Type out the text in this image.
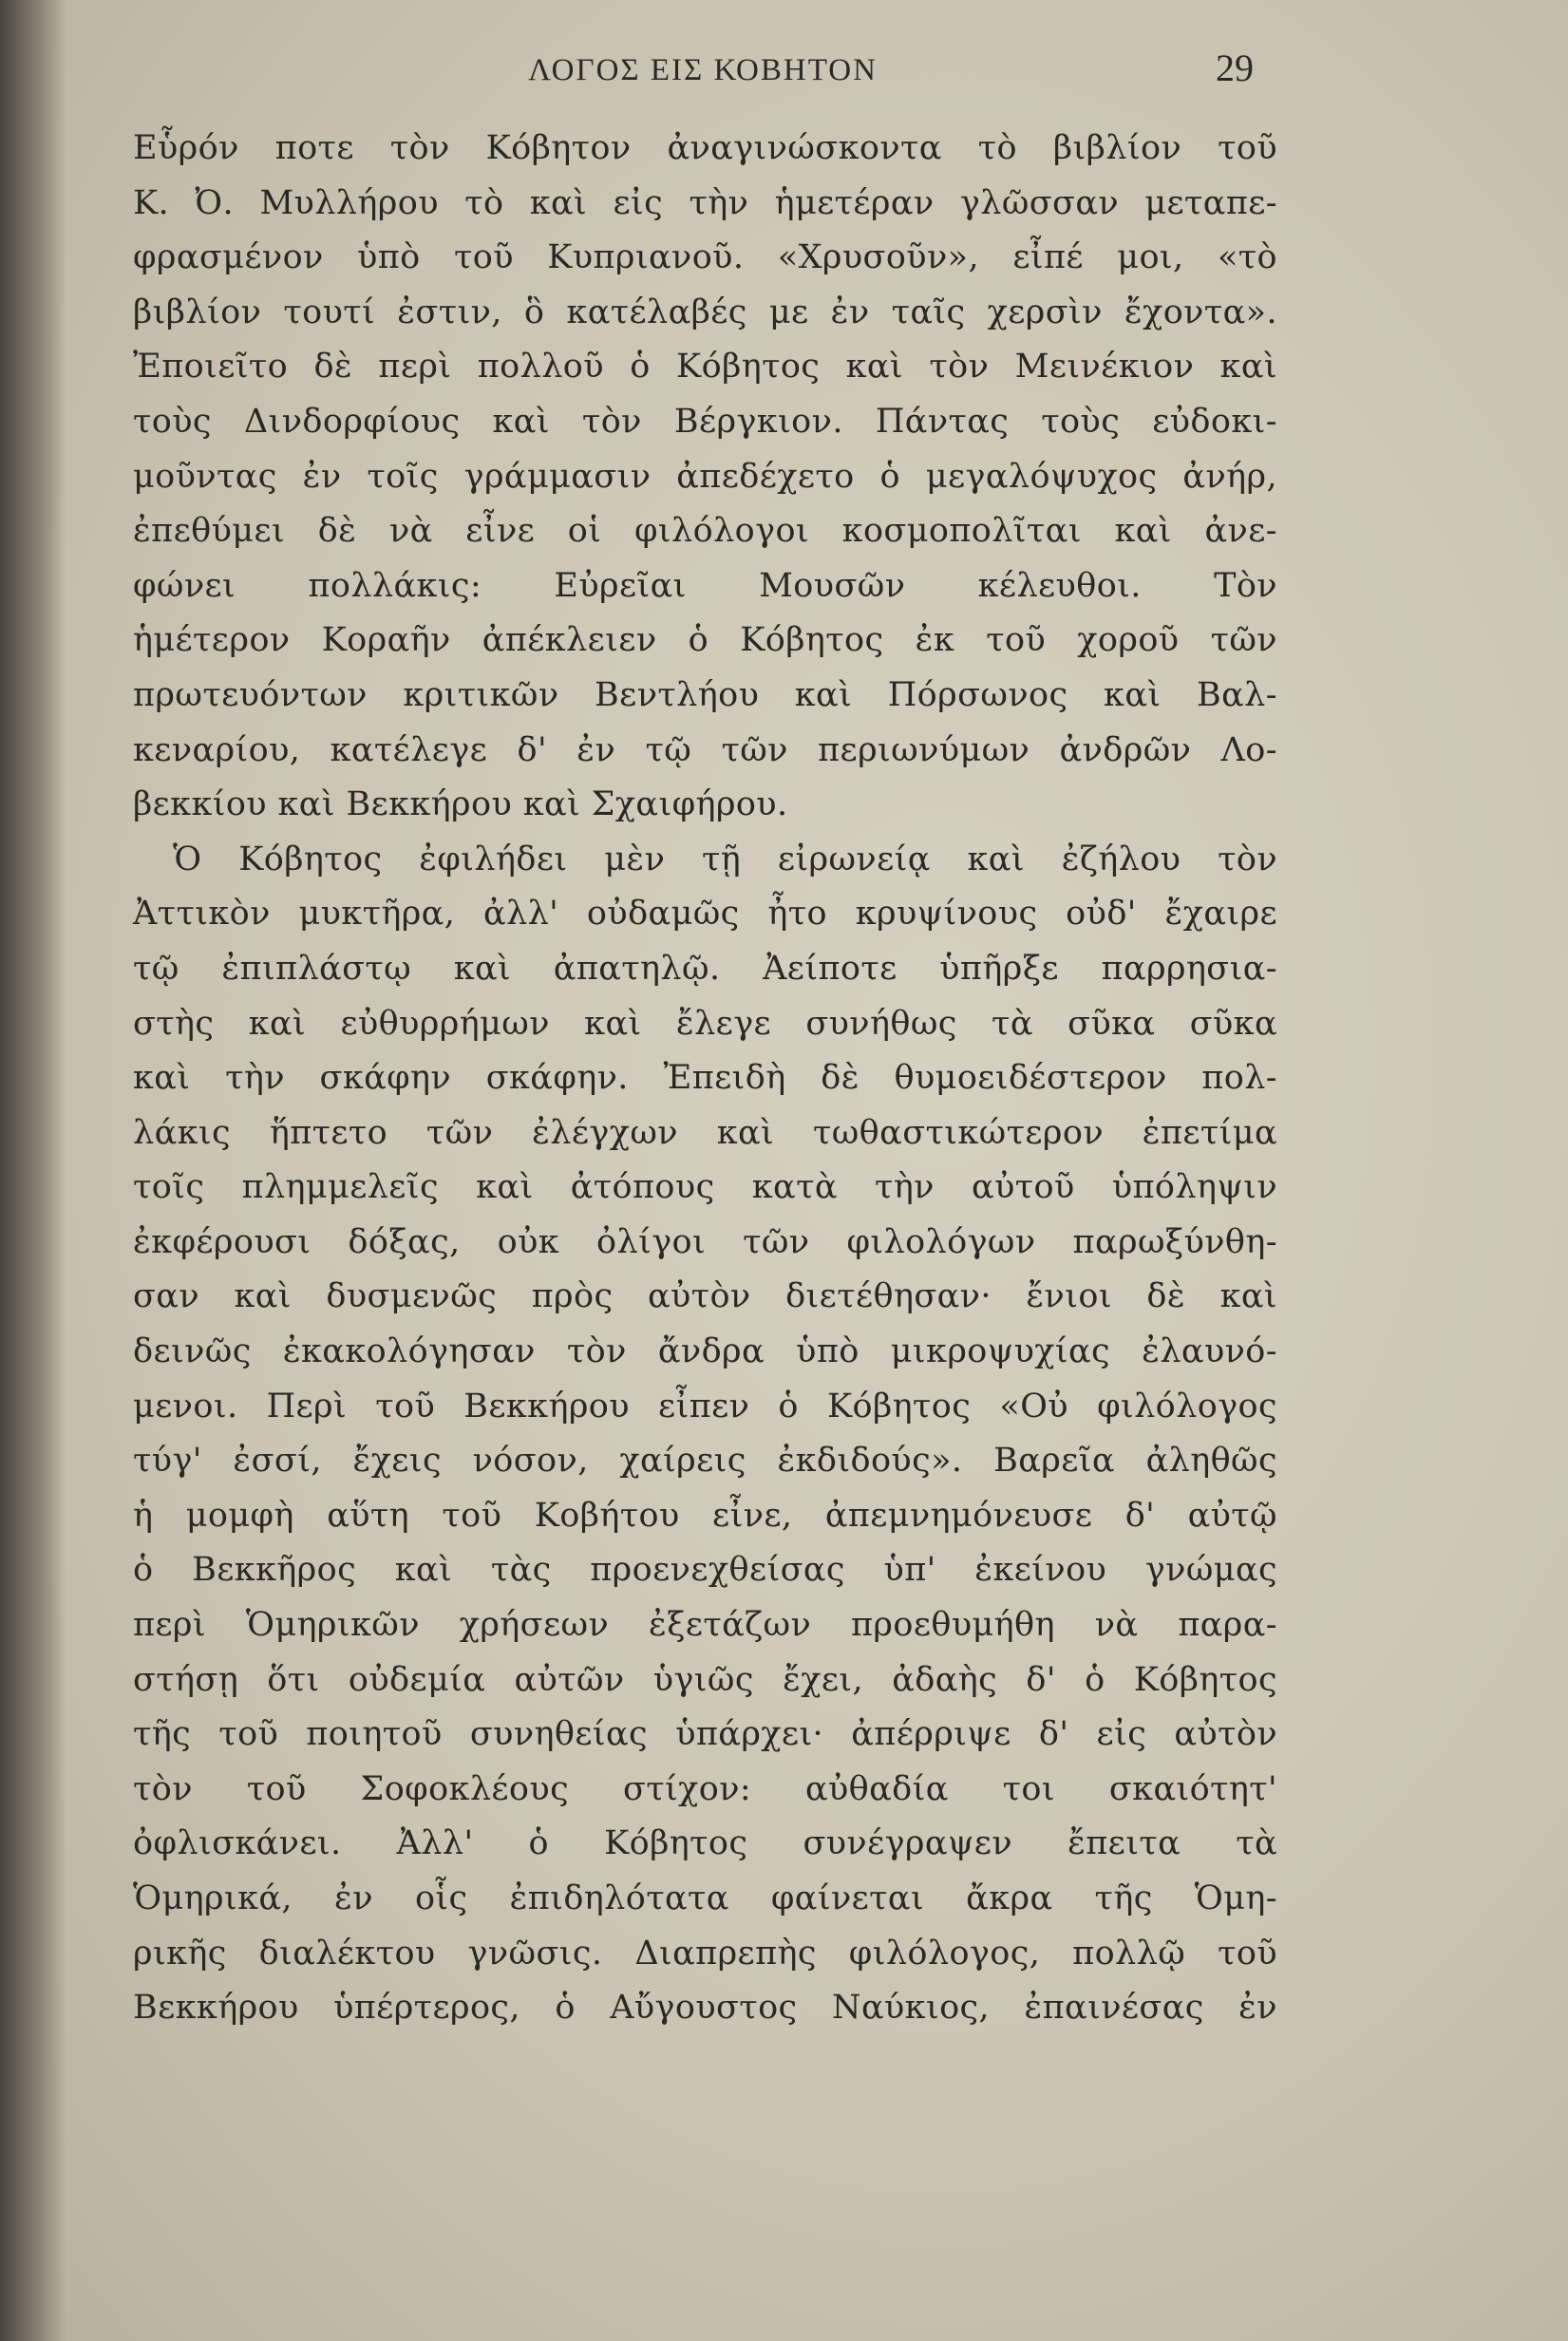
ΛΟΓΟΣ ΕΙΣ ΚΟΒΗΤΟΝ	29
Εὗρόν ποτε τὸν Κόβητον ἀναγινώσκοντα τὸ βιβλίον τοῦ
Κ. Ὀ. Μυλλήρου τὸ καὶ εἰς τὴν ἡμετέραν γλῶσσαν μεταπε-
φρασμένον ὑπὸ τοῦ Κυπριανοῦ. «Χρυσοῦν», εἶπέ μοι, «τὸ
βιβλίον τουτί ἐστιν, ὃ κατέλαβές με ἐν ταῖς χερσὶν ἔχοντα».
Ἐποιεῖτο δὲ περὶ πολλοῦ ὁ Κόβητος καὶ τὸν Μεινέκιον καὶ
τοὺς Δινδορφίους καὶ τὸν Βέργκιον. Πάντας τοὺς εὐδοκι-
μοῦντας ἐν τοῖς γράμμασιν ἀπεδέχετο ὁ μεγαλόψυχος ἀνήρ,
ἐπεθύμει δὲ νὰ εἶνε οἱ φιλόλογοι κοσμοπολῖται καὶ ἀνε-
φώνει πολλάκις: Εὐρεῖαι Μουσῶν κέλευθοι. Τὸν
ἡμέτερον Κοραῆν ἀπέκλειεν ὁ Κόβητος ἐκ τοῦ χοροῦ τῶν
πρωτευόντων κριτικῶν Βεντλήου καὶ Πόρσωνος καὶ Βαλ-
κεναρίου, κατέλεγε δ' ἐν τῷ τῶν περιωνύμων ἀνδρῶν Λο-
βεκκίου καὶ Βεκκήρου καὶ Σχαιφήρου.
Ὁ Κόβητος ἐφιλήδει μὲν τῇ εἰρωνείᾳ καὶ ἐζήλου τὸν
Ἀττικὸν μυκτῆρα, ἀλλ' οὐδαμῶς ἦτο κρυψίνους οὐδ' ἔχαιρε
τῷ ἐπιπλάστῳ καὶ ἀπατηλῷ. Ἀείποτε ὑπῆρξε παρρησια-
στὴς καὶ εὐθυρρήμων καὶ ἔλεγε συνήθως τὰ σῦκα σῦκα
καὶ τὴν σκάφην σκάφην. Ἐπειδὴ δὲ θυμοειδέστερον πολ-
λάκις ἥπτετο τῶν ἐλέγχων καὶ τωθαστικώτερον ἐπετίμα
τοῖς πλημμελεῖς καὶ ἀτόπους κατὰ τὴν αὐτοῦ ὑπόληψιν
ἐκφέρουσι δόξας, οὐκ ὀλίγοι τῶν φιλολόγων παρωξύνθη-
σαν καὶ δυσμενῶς πρὸς αὐτὸν διετέθησαν· ἔνιοι δὲ καὶ
δεινῶς ἐκακολόγησαν τὸν ἄνδρα ὑπὸ μικροψυχίας ἐλαυνό-
μενοι. Περὶ τοῦ Βεκκήρου εἶπεν ὁ Κόβητος «Οὐ φιλόλογος
τύγ' ἐσσί, ἔχεις νόσον, χαίρεις ἐκδιδούς». Βαρεῖα ἀληθῶς
ἡ μομφὴ αὕτη τοῦ Κοβήτου εἶνε, ἀπεμνημόνευσε δ' αὐτῷ
ὁ Βεκκῆρος καὶ τὰς προενεχθείσας ὑπ' ἐκείνου γνώμας
περὶ Ὁμηρικῶν χρήσεων ἐξετάζων προεθυμήθη νὰ παρα-
στήσῃ ὅτι οὐδεμία αὐτῶν ὑγιῶς ἔχει, ἀδαὴς δ' ὁ Κόβητος
τῆς τοῦ ποιητοῦ συνηθείας ὑπάρχει· ἀπέρριψε δ' εἰς αὐτὸν
τὸν τοῦ Σοφοκλέους στίχον: αὐθαδία τοι σκαιότητ'
ὀφλισκάνει. Ἀλλ' ὁ Κόβητος συνέγραψεν ἔπειτα τὰ
Ὁμηρικά, ἐν οἷς ἐπιδηλότατα φαίνεται ἄκρα τῆς Ὁμη-
ρικῆς διαλέκτου γνῶσις. Διαπρεπὴς φιλόλογος, πολλῷ τοῦ
Βεκκήρου ὑπέρτερος, ὁ Αὔγουστος Ναύκιος, ἐπαινέσας ἐν
